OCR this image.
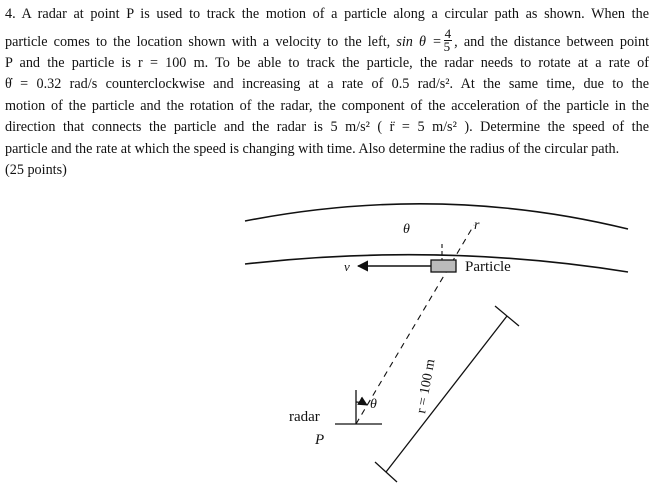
4. A radar at point P is used to track the motion of a particle along a circular path as shown. When the
particle comes to the location shown with a velocity to the left, $\sin \theta = \frac{4}{5}$ , and the distance between point
P and the particle is r = 100 m. To be able to track the particle, the radar needs to rotate at a rate of
θ̇ = 0.32 rad/s counterclockwise and increasing at a rate of 0.5 rad/s². At the same time, due to the
motion of the particle and the rotation of the radar, the component of the acceleration of the particle in the
direction that connects the particle and the radar is 5 m/s² ( r̈ = 5 m/s² ). Determine the speed of the
particle and the rate at which the speed is changing with time. Also determine the radius of the circular path.
(25 points)
θ	r
v	Particle
r = 100 m
θ
radar
P
